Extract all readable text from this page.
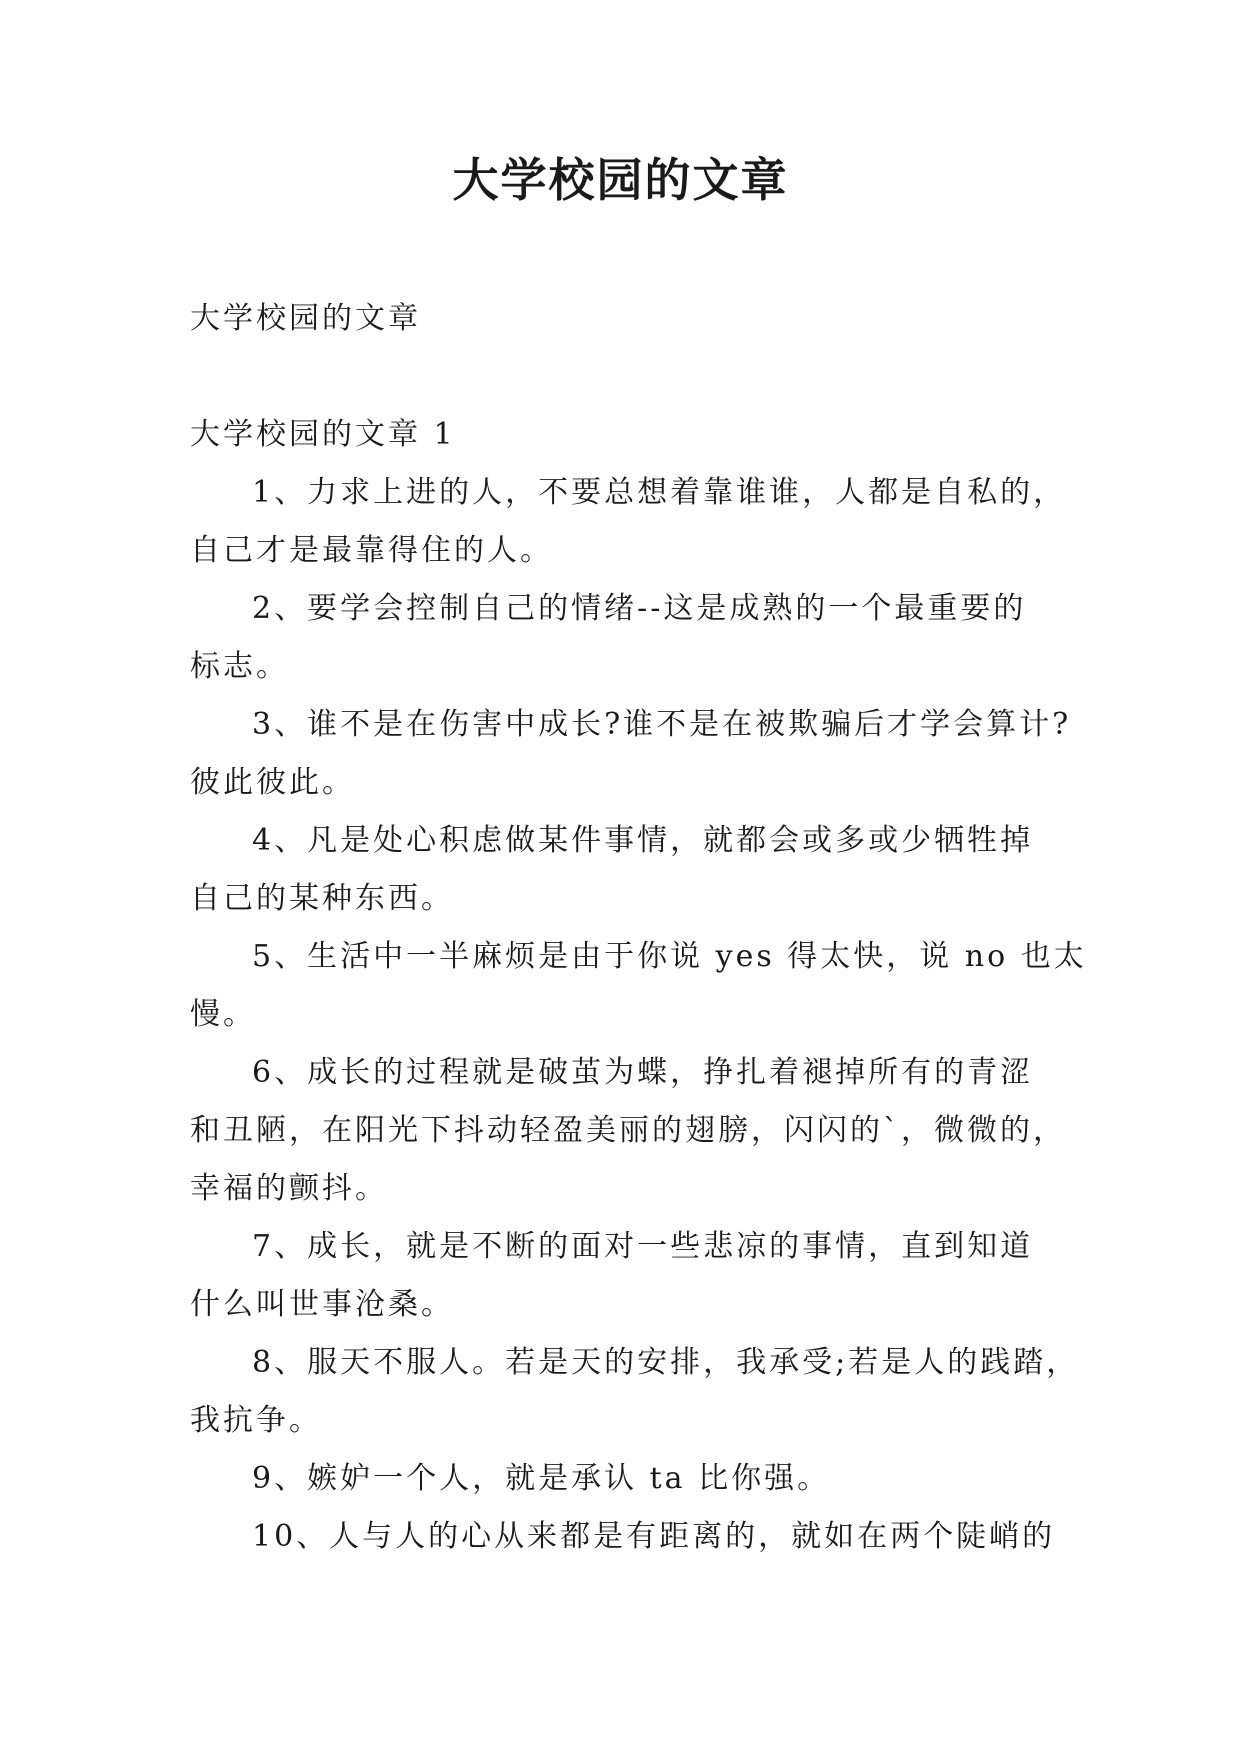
大学校园的文章

大学校园的文章

大学校园的文章 1

1、力求上进的人，不要总想着靠谁谁，人都是自私的，

自己才是最靠得住的人。

2、要学会控制自己的情绪--这是成熟的一个最重要的

标志。

3、谁不是在伤害中成长?谁不是在被欺骗后才学会算计?

彼此彼此。

4、凡是处心积虑做某件事情，就都会或多或少牺牲掉

自己的某种东西。

5、生活中一半麻烦是由于你说 yes 得太快，说 no 也太

慢。

6、成长的过程就是破茧为蝶，挣扎着褪掉所有的青涩

和丑陋，在阳光下抖动轻盈美丽的翅膀，闪闪的`，微微的，

幸福的颤抖。

7、成长，就是不断的面对一些悲凉的事情，直到知道

什么叫世事沧桑。

8、服天不服人。若是天的安排，我承受;若是人的践踏，

我抗争。

9、嫉妒一个人，就是承认 ta 比你强。

10、人与人的心从来都是有距离的，就如在两个陡峭的
